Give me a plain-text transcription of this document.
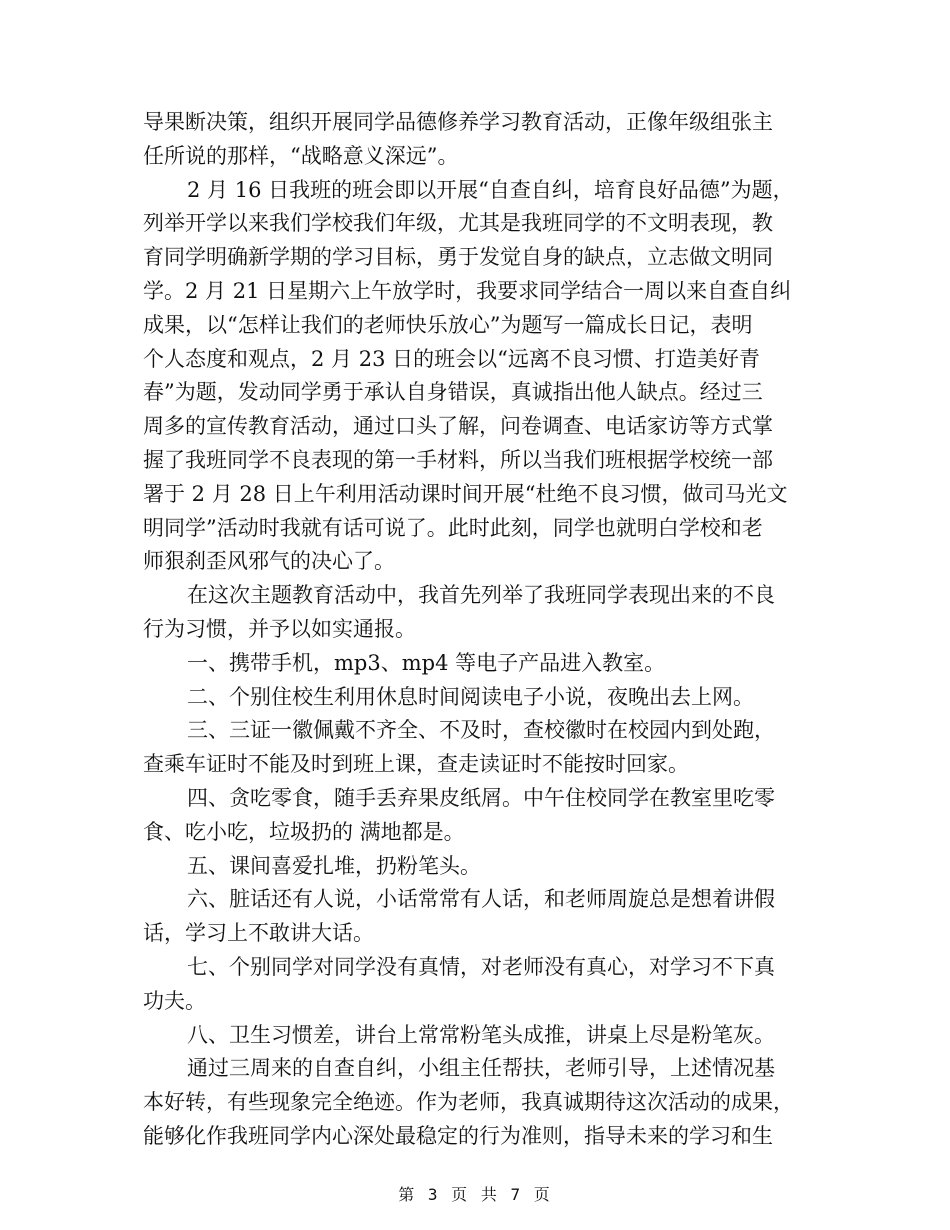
导果断决策，组织开展同学品德修养学习教育活动，正像年级组张主
任所说的那样，“战略意义深远”。
2 月 16 日我班的班会即以开展“自查自纠，培育良好品德”为题，
列举开学以来我们学校我们年级，尤其是我班同学的不文明表现，教
育同学明确新学期的学习目标，勇于发觉自身的缺点，立志做文明同
学。2 月 21 日星期六上午放学时，我要求同学结合一周以来自查自纠
成果，以“怎样让我们的老师快乐放心”为题写一篇成长日记，表明
个人态度和观点，2 月 23 日的班会以“远离不良习惯、打造美好青
春”为题，发动同学勇于承认自身错误，真诚指出他人缺点。经过三
周多的宣传教育活动，通过口头了解，问卷调查、电话家访等方式掌
握了我班同学不良表现的第一手材料，所以当我们班根据学校统一部
署于 2 月 28 日上午利用活动课时间开展“杜绝不良习惯，做司马光文
明同学”活动时我就有话可说了。此时此刻，同学也就明白学校和老
师狠刹歪风邪气的决心了。
在这次主题教育活动中，我首先列举了我班同学表现出来的不良
行为习惯，并予以如实通报。
一、携带手机，mp3、mp4 等电子产品进入教室。
二、个别住校生利用休息时间阅读电子小说，夜晚出去上网。
三、三证一徽佩戴不齐全、不及时，查校徽时在校园内到处跑，
查乘车证时不能及时到班上课，查走读证时不能按时回家。
四、贪吃零食，随手丢弃果皮纸屑。中午住校同学在教室里吃零
食、吃小吃，垃圾扔的 满地都是。
五、课间喜爱扎堆，扔粉笔头。
六、脏话还有人说，小话常常有人话，和老师周旋总是想着讲假
话，学习上不敢讲大话。
七、个别同学对同学没有真情，对老师没有真心，对学习不下真
功夫。
八、卫生习惯差，讲台上常常粉笔头成推，讲桌上尽是粉笔灰。
通过三周来的自查自纠，小组主任帮扶，老师引导，上述情况基
本好转，有些现象完全绝迹。作为老师，我真诚期待这次活动的成果，
能够化作我班同学内心深处最稳定的行为准则，指导未来的学习和生
第 3 页 共 7 页
